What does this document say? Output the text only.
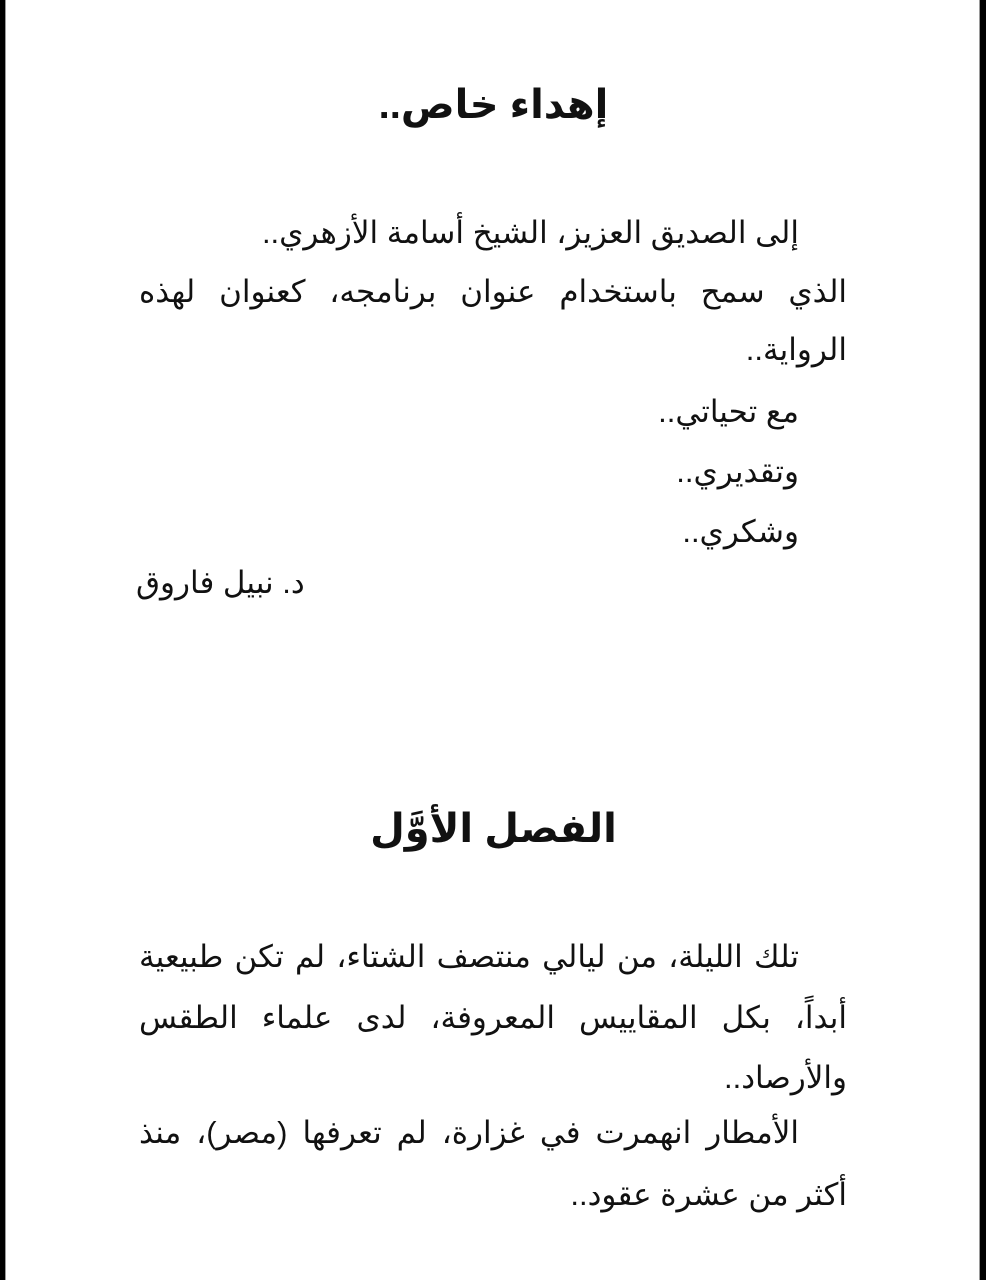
إهداء خاص..
إلى الصديق العزيز، الشيخ أسامة الأزهري..
الذي سمح باستخدام عنوان برنامجه، كعنوان لهذه
الرواية..
مع تحياتي..
وتقديري..
وشكري..
د. نبيل فاروق
الفصل الأوَّل
تلك الليلة، من ليالي منتصف الشتاء، لم تكن طبيعية
أبداً، بكل المقاييس المعروفة، لدى علماء الطقس
والأرصاد..
الأمطار انهمرت في غزارة، لم تعرفها (مصر)، منذ
أكثر من عشرة عقود..
